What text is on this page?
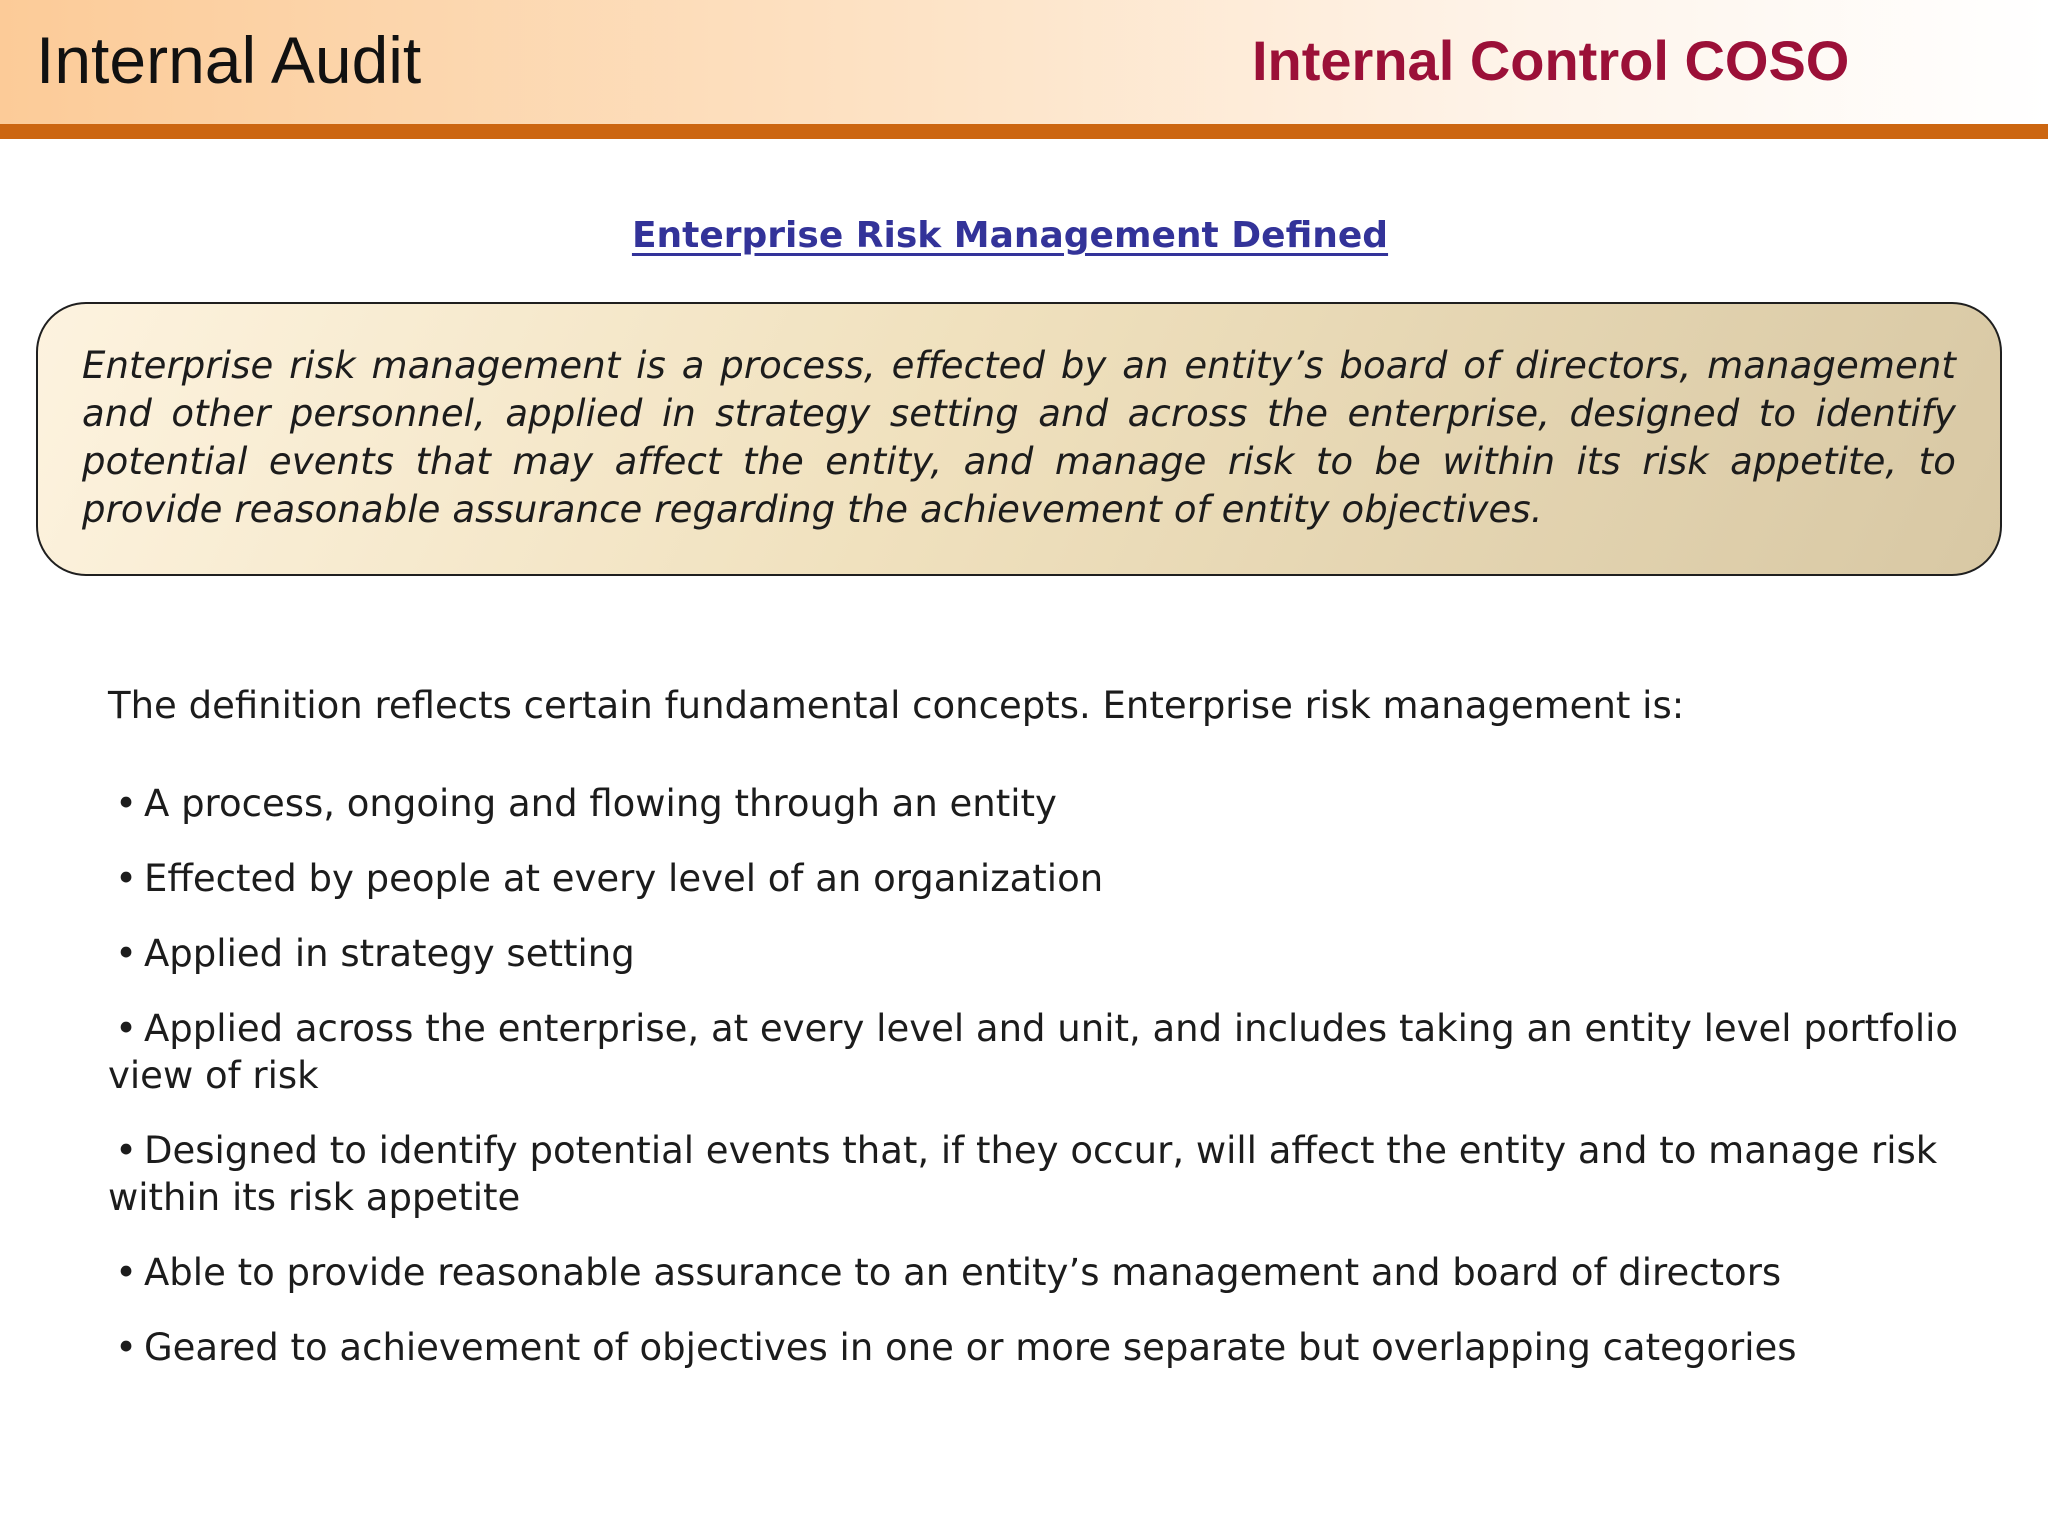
Internal Audit	Internal Control COSO
Enterprise Risk Management Defined

Enterprise risk management is a process, effected by an entity’s board of directors, management and other personnel, applied in strategy setting and across the enterprise, designed to identify potential events that may affect the entity, and manage risk to be within its risk appetite, to provide reasonable assurance regarding the achievement of entity objectives.

The definition reflects certain fundamental concepts. Enterprise risk management is:
• A process, ongoing and flowing through an entity
• Effected by people at every level of an organization
• Applied in strategy setting
• Applied across the enterprise, at every level and unit, and includes taking an entity level portfolio view of risk
• Designed to identify potential events that, if they occur, will affect the entity and to manage risk within its risk appetite
• Able to provide reasonable assurance to an entity’s management and board of directors
• Geared to achievement of objectives in one or more separate but overlapping categories
